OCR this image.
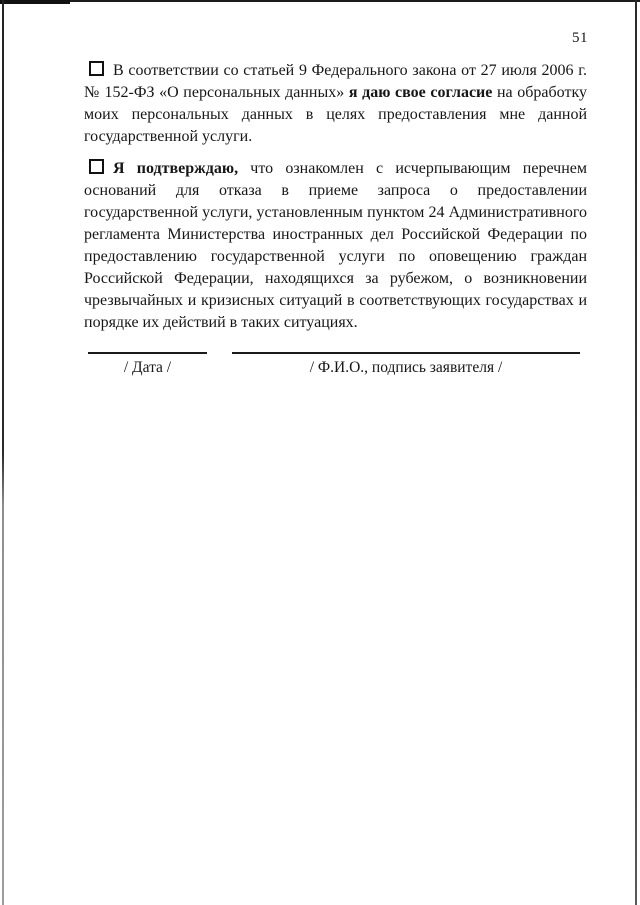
51

В соответствии со статьей 9 Федерального закона от 27 июля 2006 г. № 152-ФЗ «О персональных данных» я даю свое согласие на обработку моих персональных данных в целях предоставления мне данной государственной услуги.

Я подтверждаю, что ознакомлен с исчерпывающим перечнем оснований для отказа в приеме запроса о предоставлении государственной услуги, установленным пунктом 24 Административного регламента Министерства иностранных дел Российской Федерации по предоставлению государственной услуги по оповещению граждан Российской Федерации, находящихся за рубежом, о возникновении чрезвычайных и кризисных ситуаций в соответствующих государствах и порядке их действий в таких ситуациях.

/ Дата /	/ Ф.И.О., подпись заявителя /
